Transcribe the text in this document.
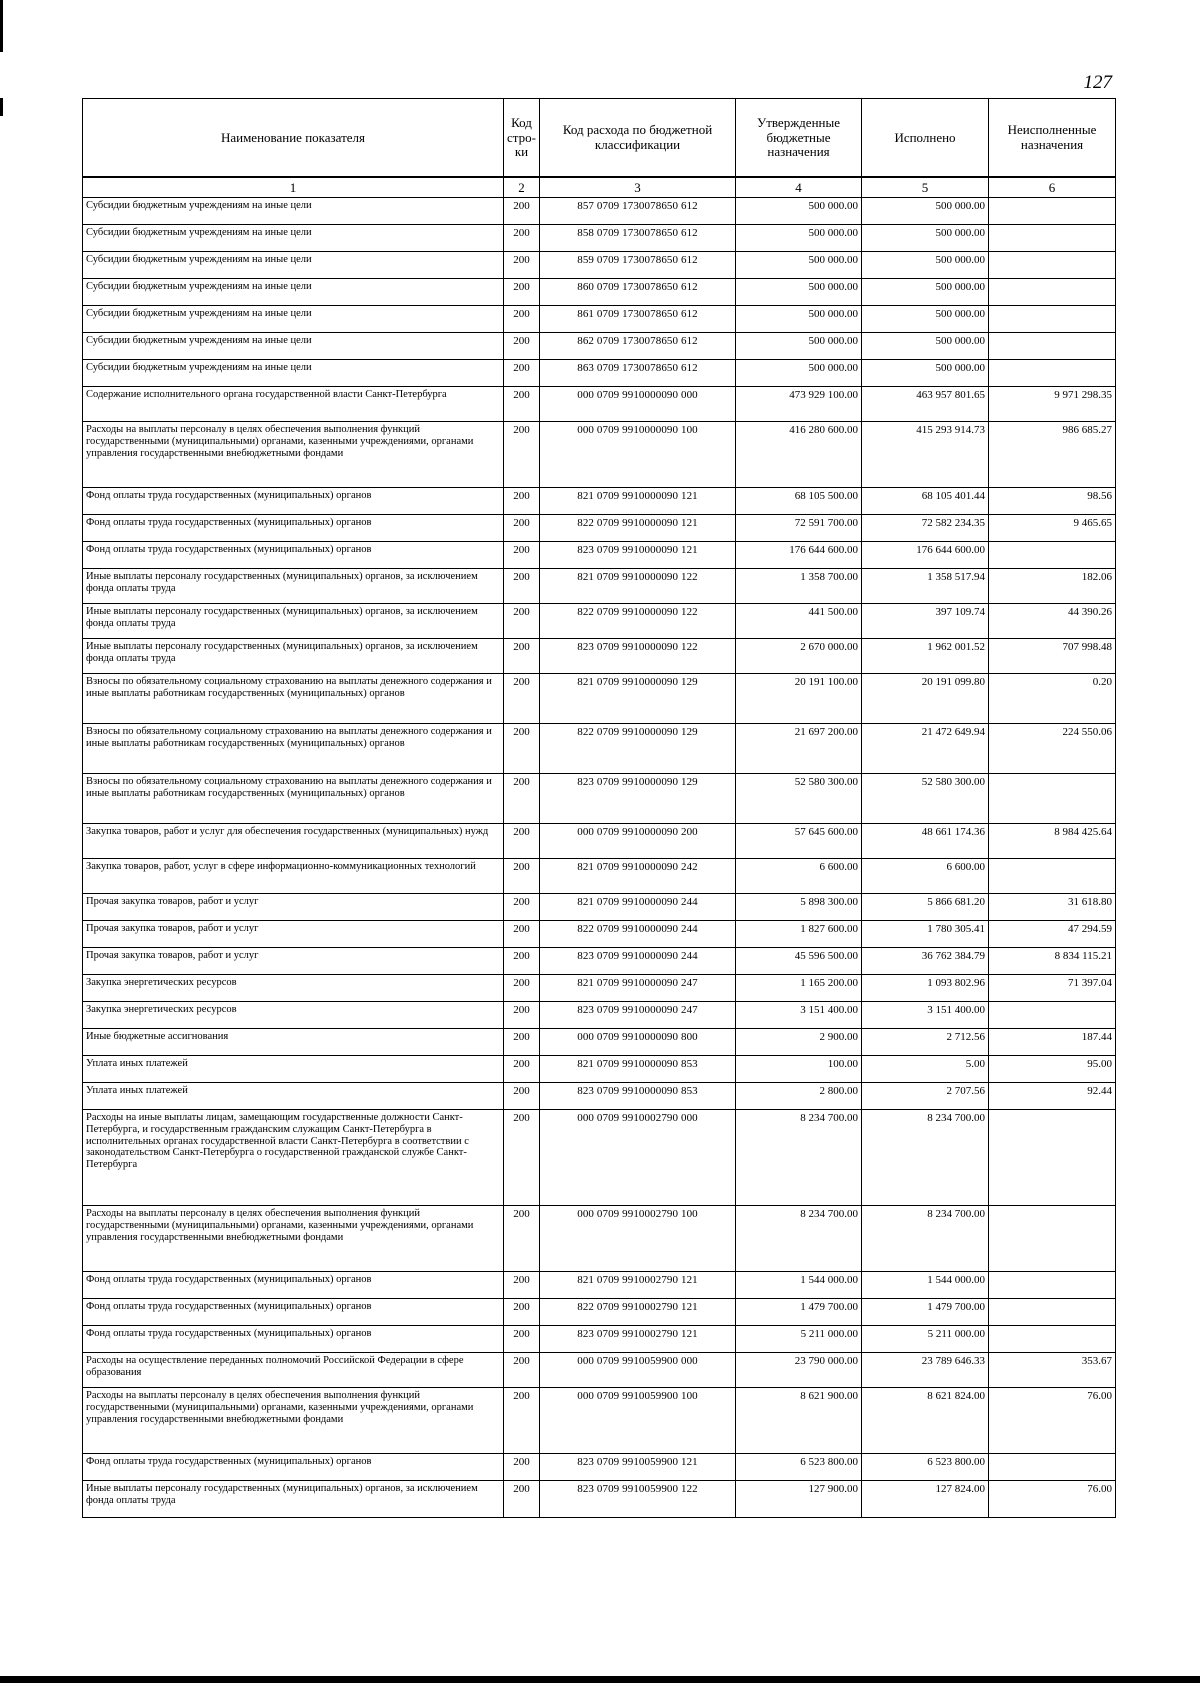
127
Наименование показателя	Код стро-ки	Код расхода по бюджетной классификации	Утвержденные бюджетные назначения	Исполнено	Неисполненные назначения
1	2	3	4	5	6
Субсидии бюджетным учреждениям на иные цели	200	857 0709 1730078650 612	500 000.00	500 000.00	
Субсидии бюджетным учреждениям на иные цели	200	858 0709 1730078650 612	500 000.00	500 000.00	
Субсидии бюджетным учреждениям на иные цели	200	859 0709 1730078650 612	500 000.00	500 000.00	
Субсидии бюджетным учреждениям на иные цели	200	860 0709 1730078650 612	500 000.00	500 000.00	
Субсидии бюджетным учреждениям на иные цели	200	861 0709 1730078650 612	500 000.00	500 000.00	
Субсидии бюджетным учреждениям на иные цели	200	862 0709 1730078650 612	500 000.00	500 000.00	
Субсидии бюджетным учреждениям на иные цели	200	863 0709 1730078650 612	500 000.00	500 000.00	
Содержание исполнительного органа государственной власти Санкт-Петербурга	200	000 0709 9910000090 000	473 929 100.00	463 957 801.65	9 971 298.35
Расходы на выплаты персоналу в целях обеспечения выполнения функций государственными (муниципальными) органами, казенными учреждениями, органами управления государственными внебюджетными фондами	200	000 0709 9910000090 100	416 280 600.00	415 293 914.73	986 685.27
Фонд оплаты труда государственных (муниципальных) органов	200	821 0709 9910000090 121	68 105 500.00	68 105 401.44	98.56
Фонд оплаты труда государственных (муниципальных) органов	200	822 0709 9910000090 121	72 591 700.00	72 582 234.35	9 465.65
Фонд оплаты труда государственных (муниципальных) органов	200	823 0709 9910000090 121	176 644 600.00	176 644 600.00	
Иные выплаты персоналу государственных (муниципальных) органов, за исключением фонда оплаты труда	200	821 0709 9910000090 122	1 358 700.00	1 358 517.94	182.06
Иные выплаты персоналу государственных (муниципальных) органов, за исключением фонда оплаты труда	200	822 0709 9910000090 122	441 500.00	397 109.74	44 390.26
Иные выплаты персоналу государственных (муниципальных) органов, за исключением фонда оплаты труда	200	823 0709 9910000090 122	2 670 000.00	1 962 001.52	707 998.48
Взносы по обязательному социальному страхованию на выплаты денежного содержания и иные выплаты работникам государственных (муниципальных) органов	200	821 0709 9910000090 129	20 191 100.00	20 191 099.80	0.20
Взносы по обязательному социальному страхованию на выплаты денежного содержания и иные выплаты работникам государственных (муниципальных) органов	200	822 0709 9910000090 129	21 697 200.00	21 472 649.94	224 550.06
Взносы по обязательному социальному страхованию на выплаты денежного содержания и иные выплаты работникам государственных (муниципальных) органов	200	823 0709 9910000090 129	52 580 300.00	52 580 300.00	
Закупка товаров, работ и услуг для обеспечения государственных (муниципальных) нужд	200	000 0709 9910000090 200	57 645 600.00	48 661 174.36	8 984 425.64
Закупка товаров, работ, услуг в сфере информационно-коммуникационных технологий	200	821 0709 9910000090 242	6 600.00	6 600.00	
Прочая закупка товаров, работ и услуг	200	821 0709 9910000090 244	5 898 300.00	5 866 681.20	31 618.80
Прочая закупка товаров, работ и услуг	200	822 0709 9910000090 244	1 827 600.00	1 780 305.41	47 294.59
Прочая закупка товаров, работ и услуг	200	823 0709 9910000090 244	45 596 500.00	36 762 384.79	8 834 115.21
Закупка энергетических ресурсов	200	821 0709 9910000090 247	1 165 200.00	1 093 802.96	71 397.04
Закупка энергетических ресурсов	200	823 0709 9910000090 247	3 151 400.00	3 151 400.00	
Иные бюджетные ассигнования	200	000 0709 9910000090 800	2 900.00	2 712.56	187.44
Уплата иных платежей	200	821 0709 9910000090 853	100.00	5.00	95.00
Уплата иных платежей	200	823 0709 9910000090 853	2 800.00	2 707.56	92.44
Расходы на иные выплаты лицам, замещающим государственные должности Санкт-Петербурга, и государственным гражданским служащим Санкт-Петербурга в исполнительных органах государственной власти Санкт-Петербурга в соответствии с законодательством Санкт-Петербурга о государственной гражданской службе Санкт-Петербурга	200	000 0709 9910002790 000	8 234 700.00	8 234 700.00	
Расходы на выплаты персоналу в целях обеспечения выполнения функций государственными (муниципальными) органами, казенными учреждениями, органами управления государственными внебюджетными фондами	200	000 0709 9910002790 100	8 234 700.00	8 234 700.00	
Фонд оплаты труда государственных (муниципальных) органов	200	821 0709 9910002790 121	1 544 000.00	1 544 000.00	
Фонд оплаты труда государственных (муниципальных) органов	200	822 0709 9910002790 121	1 479 700.00	1 479 700.00	
Фонд оплаты труда государственных (муниципальных) органов	200	823 0709 9910002790 121	5 211 000.00	5 211 000.00	
Расходы на осуществление переданных полномочий Российской Федерации в сфере образования	200	000 0709 9910059900 000	23 790 000.00	23 789 646.33	353.67
Расходы на выплаты персоналу в целях обеспечения выполнения функций государственными (муниципальными) органами, казенными учреждениями, органами управления государственными внебюджетными фондами	200	000 0709 9910059900 100	8 621 900.00	8 621 824.00	76.00
Фонд оплаты труда государственных (муниципальных) органов	200	823 0709 9910059900 121	6 523 800.00	6 523 800.00	
Иные выплаты персоналу государственных (муниципальных) органов, за исключением фонда оплаты труда	200	823 0709 9910059900 122	127 900.00	127 824.00	76.00
